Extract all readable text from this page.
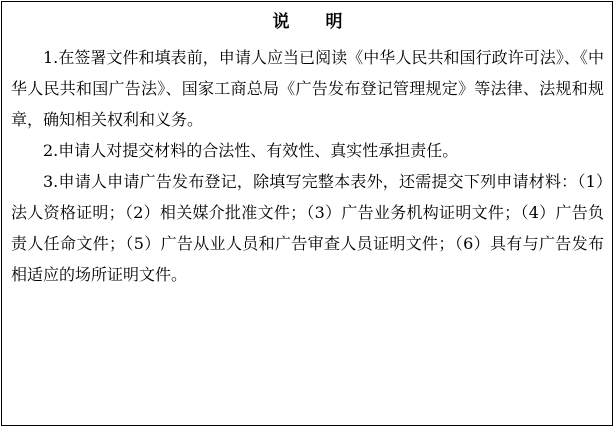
说明

1.在签署文件和填表前，申请人应当已阅读《中华人民共和国行政许可法》、《中华人民共和国广告法》、国家工商总局《广告发布登记管理规定》等法律、法规和规章，确知相关权利和义务。

2.申请人对提交材料的合法性、有效性、真实性承担责任。

3.申请人申请广告发布登记，除填写完整本表外，还需提交下列申请材料：（1）法人资格证明；（2）相关媒介批准文件；（3）广告业务机构证明文件；（4）广告负责人任命文件；（5）广告从业人员和广告审查人员证明文件；（6）具有与广告发布相适应的场所证明文件。
